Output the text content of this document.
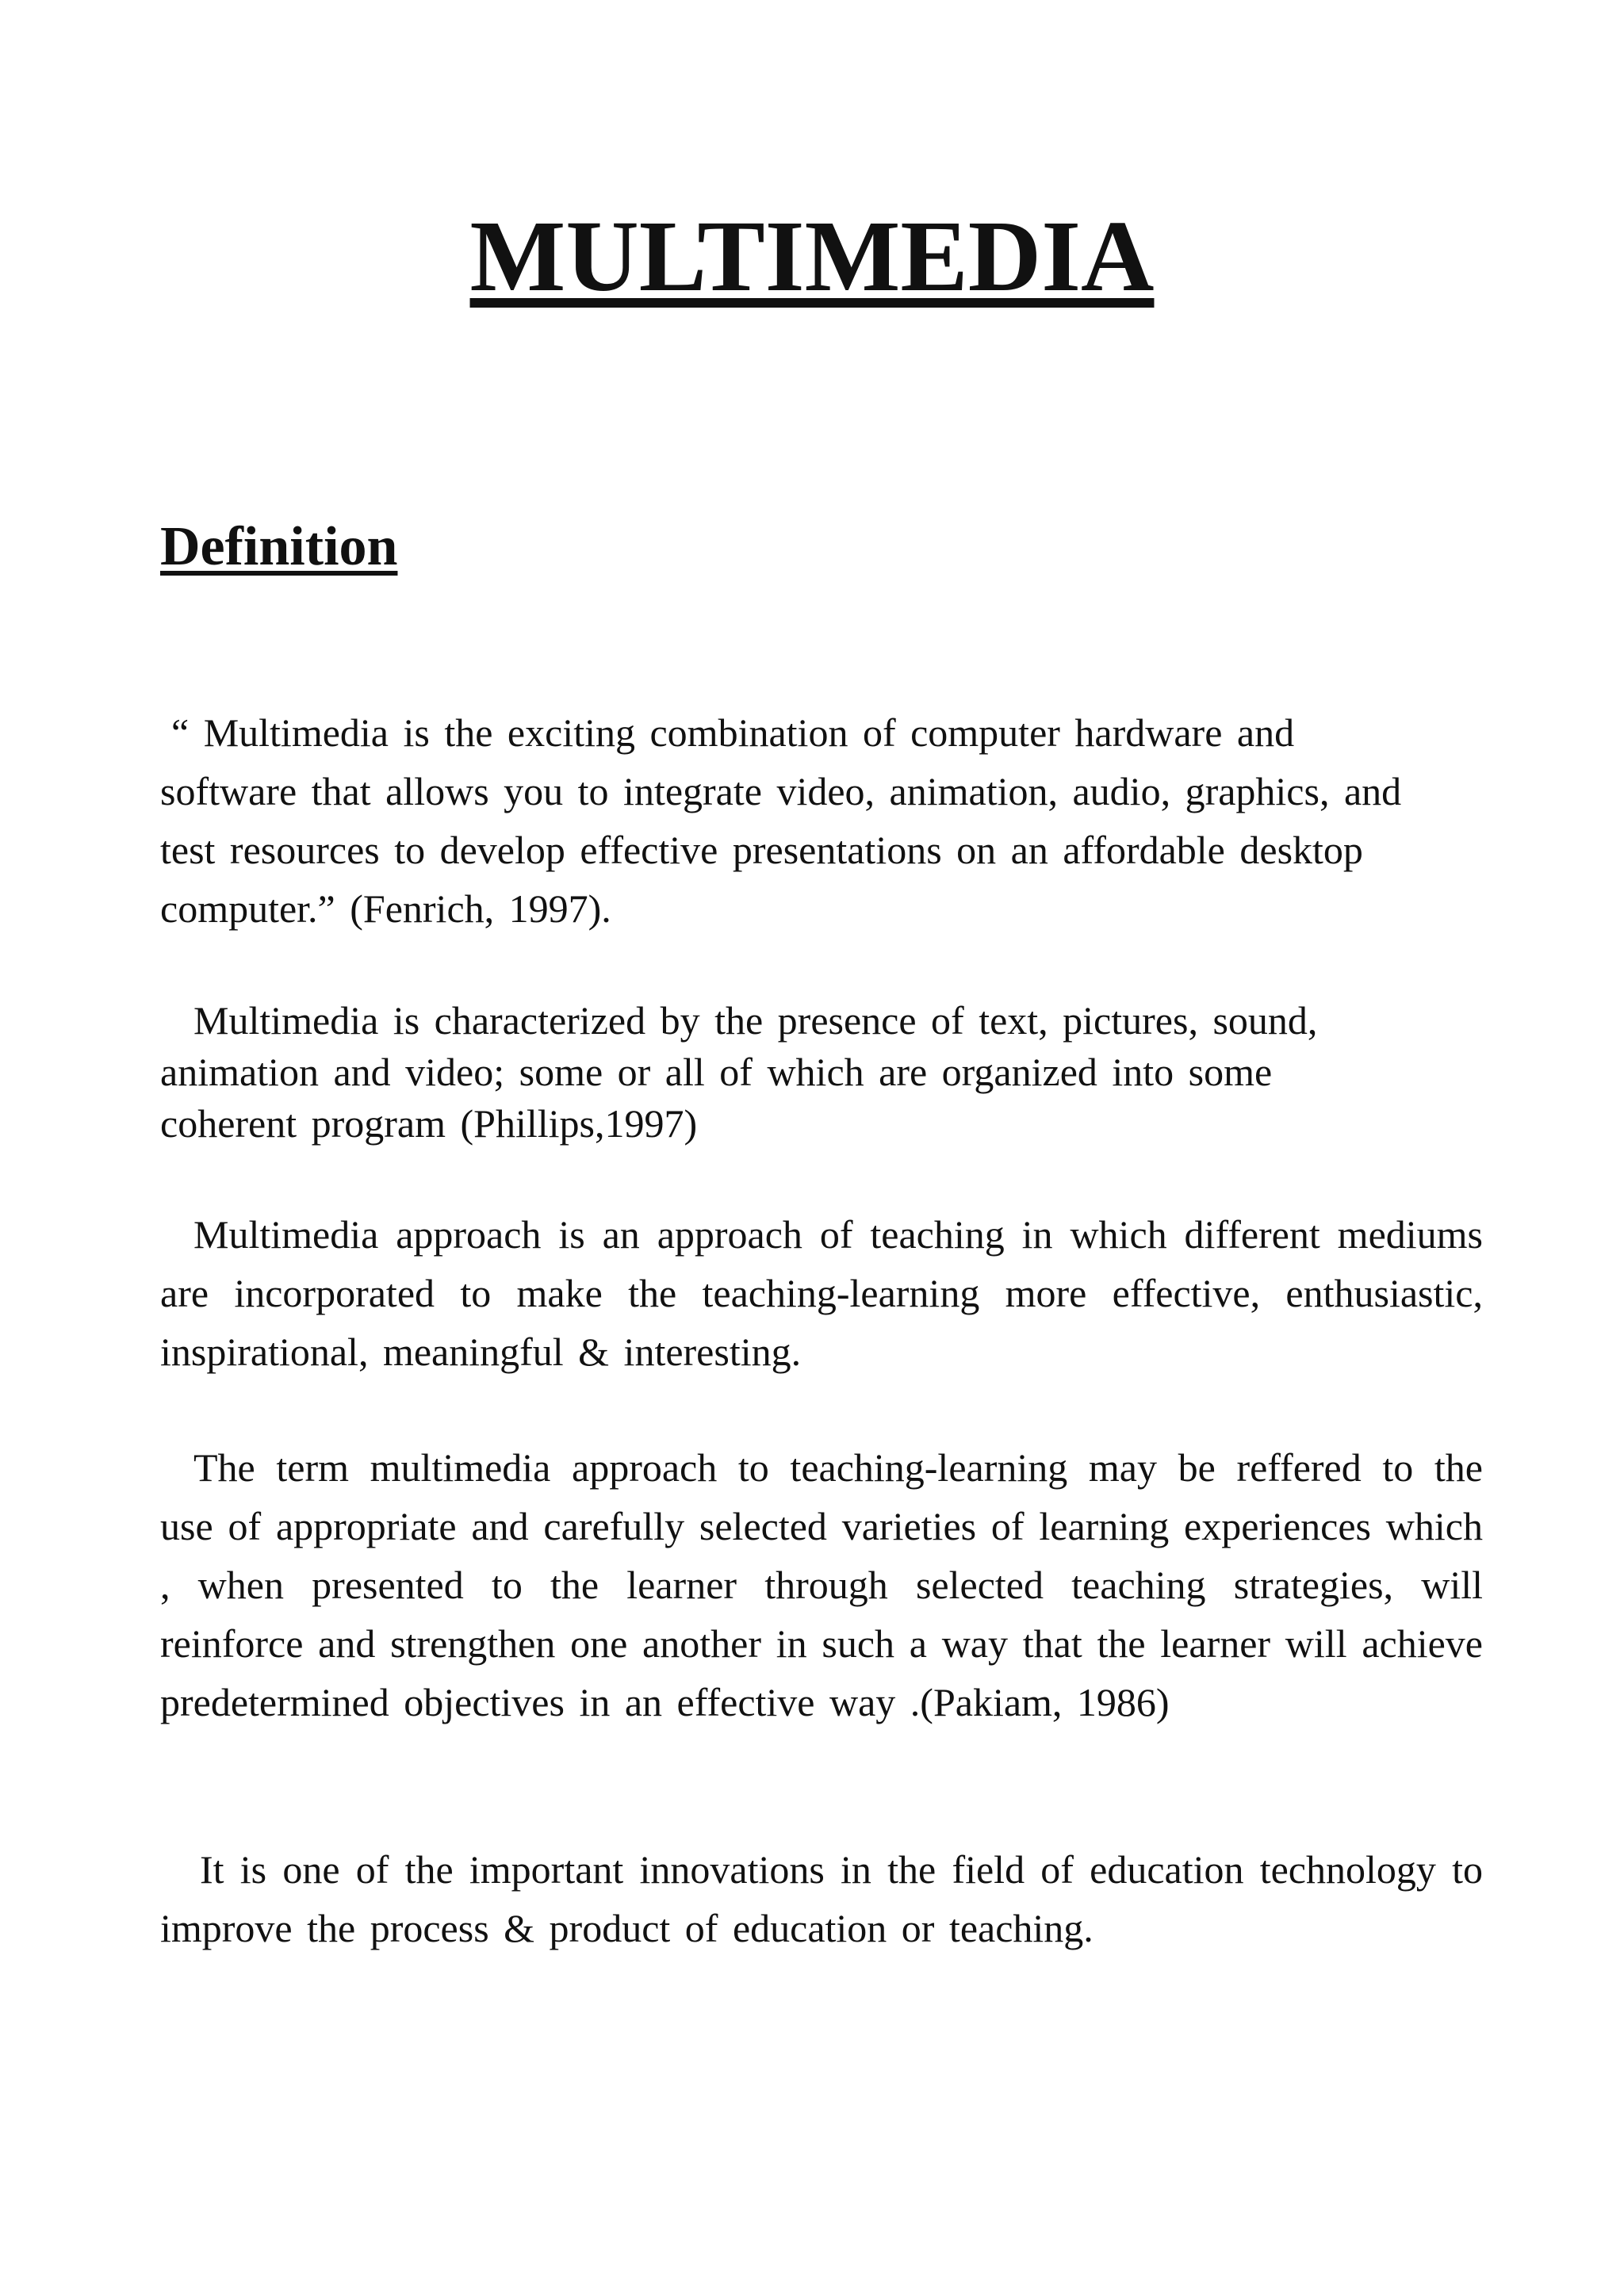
MULTIMEDIA
Definition

“ Multimedia is the exciting combination of computer hardware and software that allows you to integrate video, animation, audio, graphics, and test resources to develop effective presentations on an affordable desktop computer.” (Fenrich, 1997).

Multimedia is characterized by the presence of text, pictures, sound, animation and video; some or all of which are organized into some coherent program (Phillips,1997)

Multimedia approach is an approach of teaching in which different mediums are incorporated to make the teaching-learning more effective, enthusiastic, inspirational, meaningful & interesting.

The term multimedia approach to teaching-learning may be reffered to the use of appropriate and carefully selected varieties of learning experiences which , when presented to the learner through selected teaching strategies, will reinforce and strengthen one another in such a way that the learner will achieve predetermined objectives in an effective way .(Pakiam, 1986)

It is one of the important innovations in the field of education technology to improve the process & product of education or teaching.
